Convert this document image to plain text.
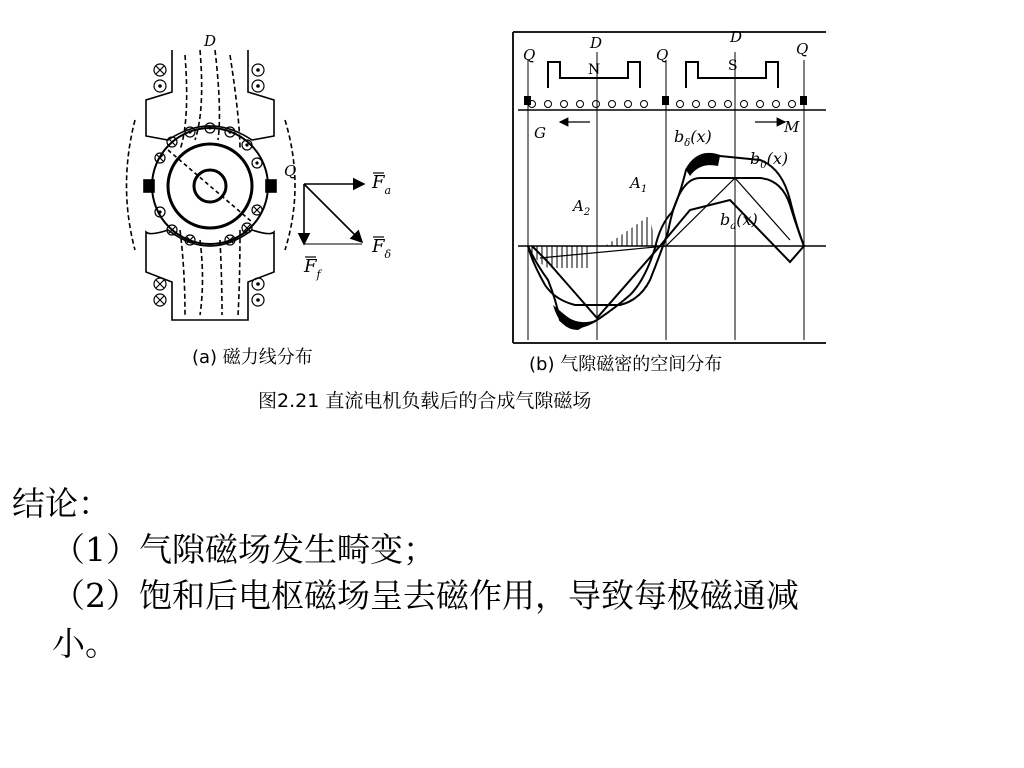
D
Q
$F_a$
$F_\delta$
$F_f$
Q
D
Q
D
Q
N	S
G	M
$A_1$
$A_2$
$b_\delta(x)$
$b_0(x)$
$b_a(x)$
(a) 磁力线分布	(b) 气隙磁密的空间分布
图2.21 直流电机负载后的合成气隙磁场
结论：
（1）气隙磁场发生畸变；
（2）饱和后电枢磁场呈去磁作用，导致每极磁通减
小。
